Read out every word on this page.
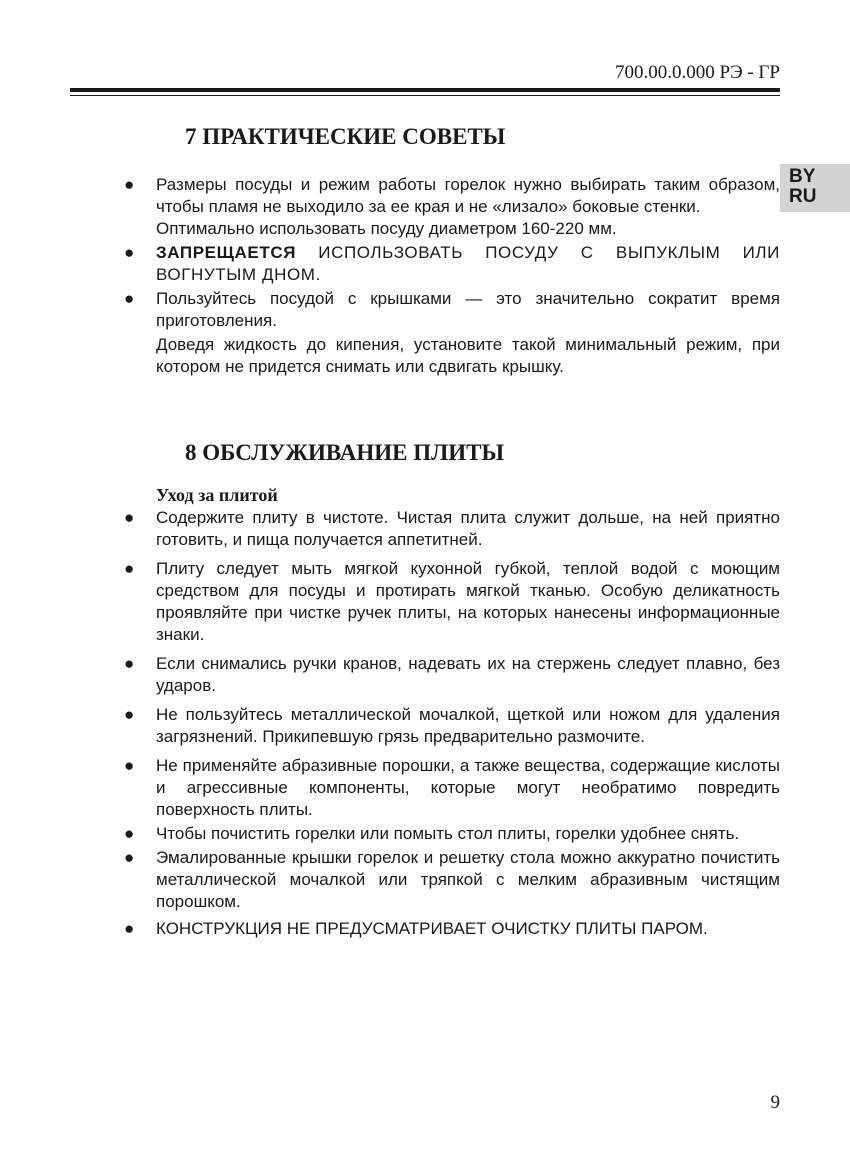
700.00.0.000 РЭ - ГР
BY
RU
7 ПРАКТИЧЕСКИЕ СОВЕТЫ
● Размеры посуды и режим работы горелок нужно выбирать таким образом, чтобы пламя не выходило за ее края и не «лизало» боковые стенки.

Оптимально использовать посуду диаметром 160-220 мм.

● ЗАПРЕЩАЕТСЯ ИСПОЛЬЗОВАТЬ ПОСУДУ С ВЫПУКЛЫМ ИЛИ ВОГНУТЫМ ДНОМ.

● Пользуйтесь посудой с крышками — это значительно сократит время приготовления.

Доведя жидкость до кипения, установите такой минимальный режим, при котором не придется снимать или сдвигать крышку.

8 ОБСЛУЖИВАНИЕ ПЛИТЫ
Уход за плитой
● Содержите плиту в чистоте. Чистая плита служит дольше, на ней приятно готовить, и пища получается аппетитней.

● Плиту следует мыть мягкой кухонной губкой, теплой водой с моющим средством для посуды и протирать мягкой тканью. Особую деликатность проявляйте при чистке ручек плиты, на которых нанесены информационные знаки.

● Если снимались ручки кранов, надевать их на стержень следует плавно, без ударов.

● Не пользуйтесь металлической мочалкой, щеткой или ножом для удаления загрязнений. Прикипевшую грязь предварительно размочите.

● Не применяйте абразивные порошки, а также вещества, содержащие кислоты и агрессивные компоненты, которые могут необратимо повредить поверхность плиты.

● Чтобы почистить горелки или помыть стол плиты, горелки удобнее снять.

● Эмалированные крышки горелок и решетку стола можно аккуратно почистить металлической мочалкой или тряпкой с мелким абразивным чистящим порошком.

● КОНСТРУКЦИЯ НЕ ПРЕДУСМАТРИВАЕТ ОЧИСТКУ ПЛИТЫ ПАРОМ.

9
